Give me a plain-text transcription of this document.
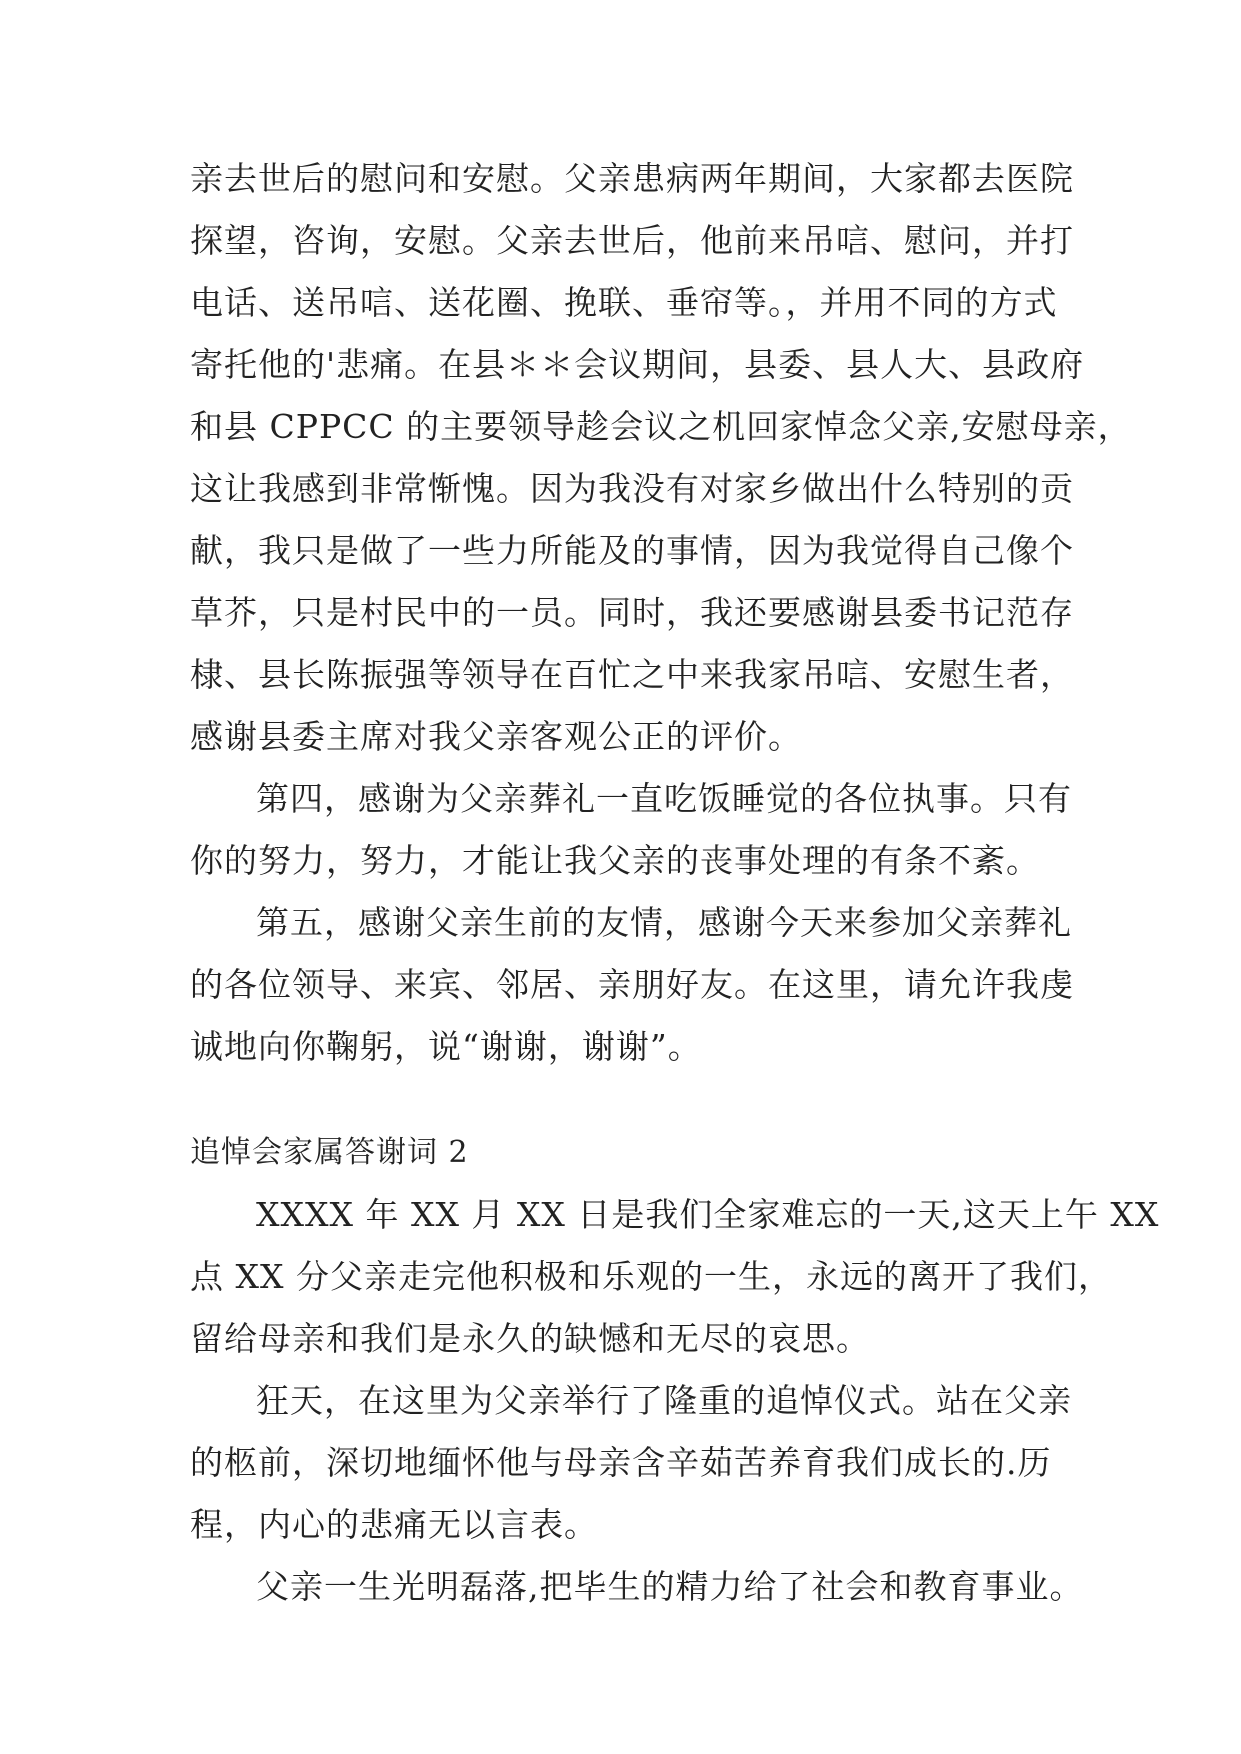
亲去世后的慰问和安慰。父亲患病两年期间，大家都去医院
探望，咨询，安慰。父亲去世后，他前来吊唁、慰问，并打
电话、送吊唁、送花圈、挽联、垂帘等。，并用不同的方式
寄托他的'悲痛。在县＊＊会议期间，县委、县人大、县政府
和县 CPPCC 的主要领导趁会议之机回家悼念父亲,安慰母亲，
这让我感到非常惭愧。因为我没有对家乡做出什么特别的贡
献，我只是做了一些力所能及的事情，因为我觉得自己像个
草芥，只是村民中的一员。同时，我还要感谢县委书记范存
棣、县长陈振强等领导在百忙之中来我家吊唁、安慰生者，
感谢县委主席对我父亲客观公正的评价。
第四，感谢为父亲葬礼一直吃饭睡觉的各位执事。只有
你的努力，努力，才能让我父亲的丧事处理的有条不紊。
第五，感谢父亲生前的友情，感谢今天来参加父亲葬礼
的各位领导、来宾、邻居、亲朋好友。在这里，请允许我虔
诚地向你鞠躬，说“谢谢，谢谢”。
追悼会家属答谢词 2
XXXX 年 XX 月 XX 日是我们全家难忘的一天,这天上午 XX
点 XX 分父亲走完他积极和乐观的一生，永远的离开了我们，
留给母亲和我们是永久的缺憾和无尽的哀思。
狂天，在这里为父亲举行了隆重的追悼仪式。站在父亲
的柩前，深切地缅怀他与母亲含辛茹苦养育我们成长的.历
程，内心的悲痛无以言表。
父亲一生光明磊落,把毕生的精力给了社会和教育事业。
